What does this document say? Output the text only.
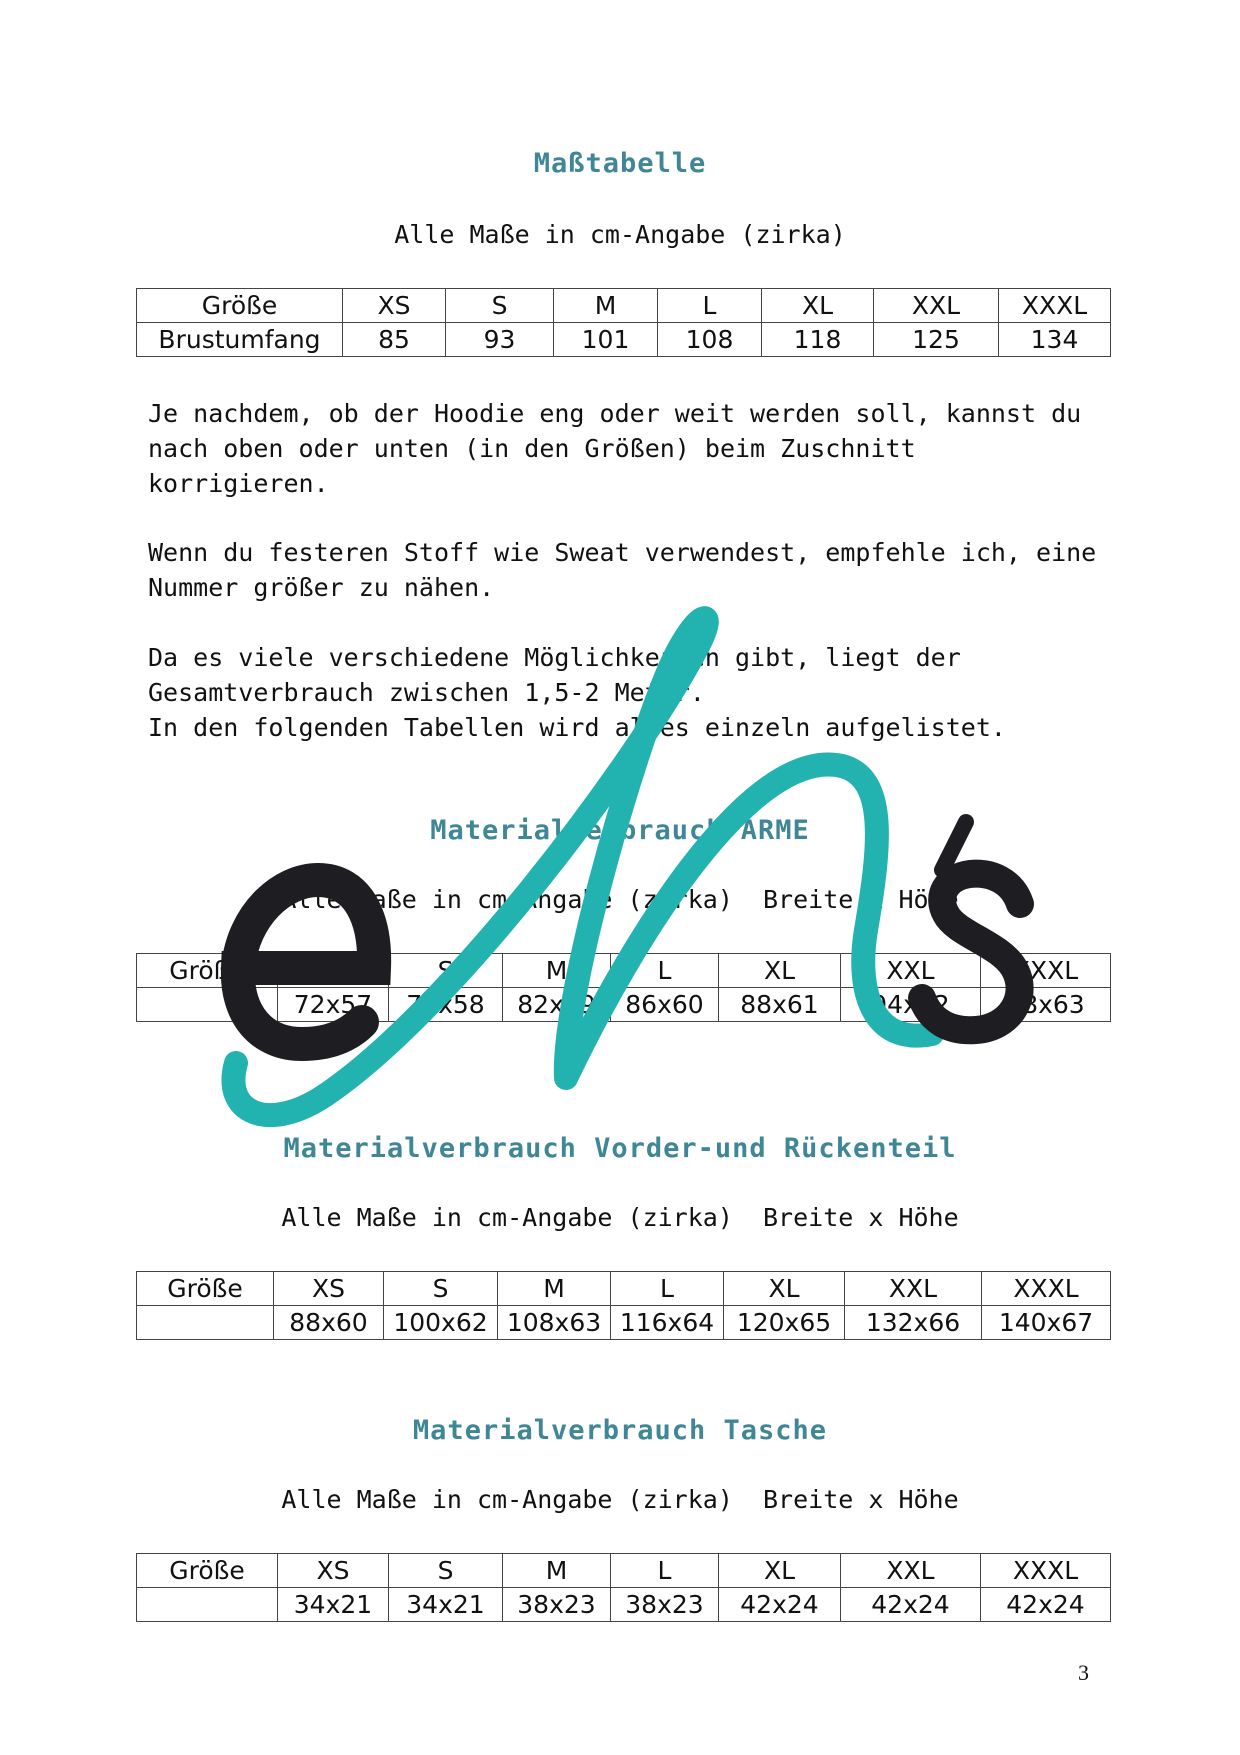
Maßtabelle
Alle Maße in cm-Angabe (zirka)
Größe	XS	S	M	L	XL	XXL	XXXL
Brustumfang	85	93	101	108	118	125	134
Je nachdem, ob der Hoodie eng oder weit werden soll, kannst du
nach oben oder unten (in den Größen) beim Zuschnitt
korrigieren.
Wenn du festeren Stoff wie Sweat verwendest, empfehle ich, eine
Nummer größer zu nähen.
Da es viele verschiedene Möglichkeiten gibt, liegt der
Gesamtverbrauch zwischen 1,5-2 Meter.
In den folgenden Tabellen wird alles einzeln aufgelistet.
Materialverbrauch ARME
Alle Maße in cm-Angabe (zirka)  Breite x Höhe
Größe	XS	S	M	L	XL	XXL	XXXL
	72x57	76x58	82x59	86x60	88x61	94x62	98x63
Materialverbrauch Vorder-und Rückenteil
Alle Maße in cm-Angabe (zirka)  Breite x Höhe
Größe	XS	S	M	L	XL	XXL	XXXL
	88x60	100x62	108x63	116x64	120x65	132x66	140x67
Materialverbrauch Tasche
Alle Maße in cm-Angabe (zirka)  Breite x Höhe
Größe	XS	S	M	L	XL	XXL	XXXL
	34x21	34x21	38x23	38x23	42x24	42x24	42x24
3
